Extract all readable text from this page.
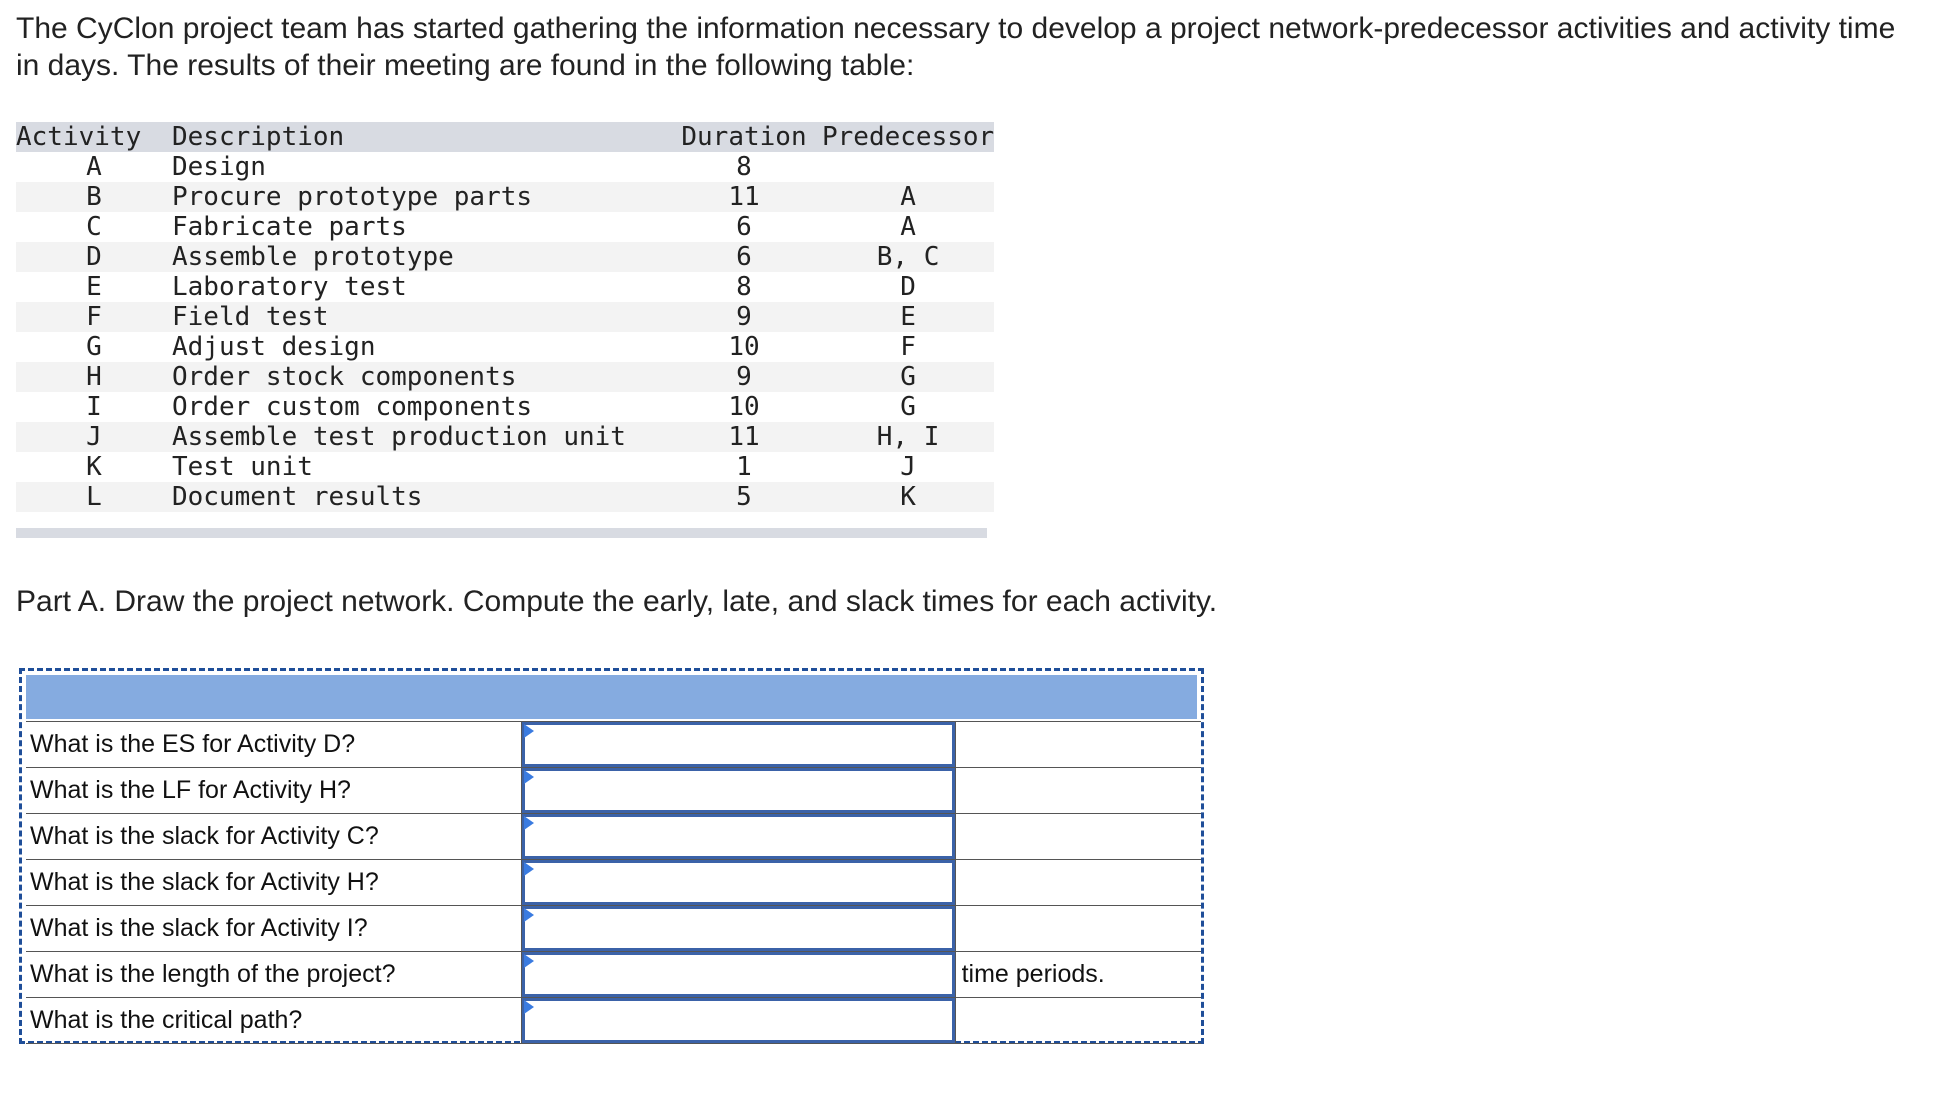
The CyClon project team has started gathering the information necessary to develop a project network-predecessor activities and activity time in days. The results of their meeting are found in the following table:

Activity	Description	Duration	Predecessor
A	Design	8	
B	Procure prototype parts	11	A
C	Fabricate parts	6	A
D	Assemble prototype	6	B, C
E	Laboratory test	8	D
F	Field test	9	E
G	Adjust design	10	F
H	Order stock components	9	G
I	Order custom components	10	G
J	Assemble test production unit	11	H, I
K	Test unit	1	J
L	Document results	5	K

Part A. Draw the project network. Compute the early, late, and slack times for each activity.

What is the ES for Activity D?	

What is the LF for Activity H?	

What is the slack for Activity C?	

What is the slack for Activity H?	

What is the slack for Activity I?	

What is the length of the project?		time periods.
What is the critical path?	
